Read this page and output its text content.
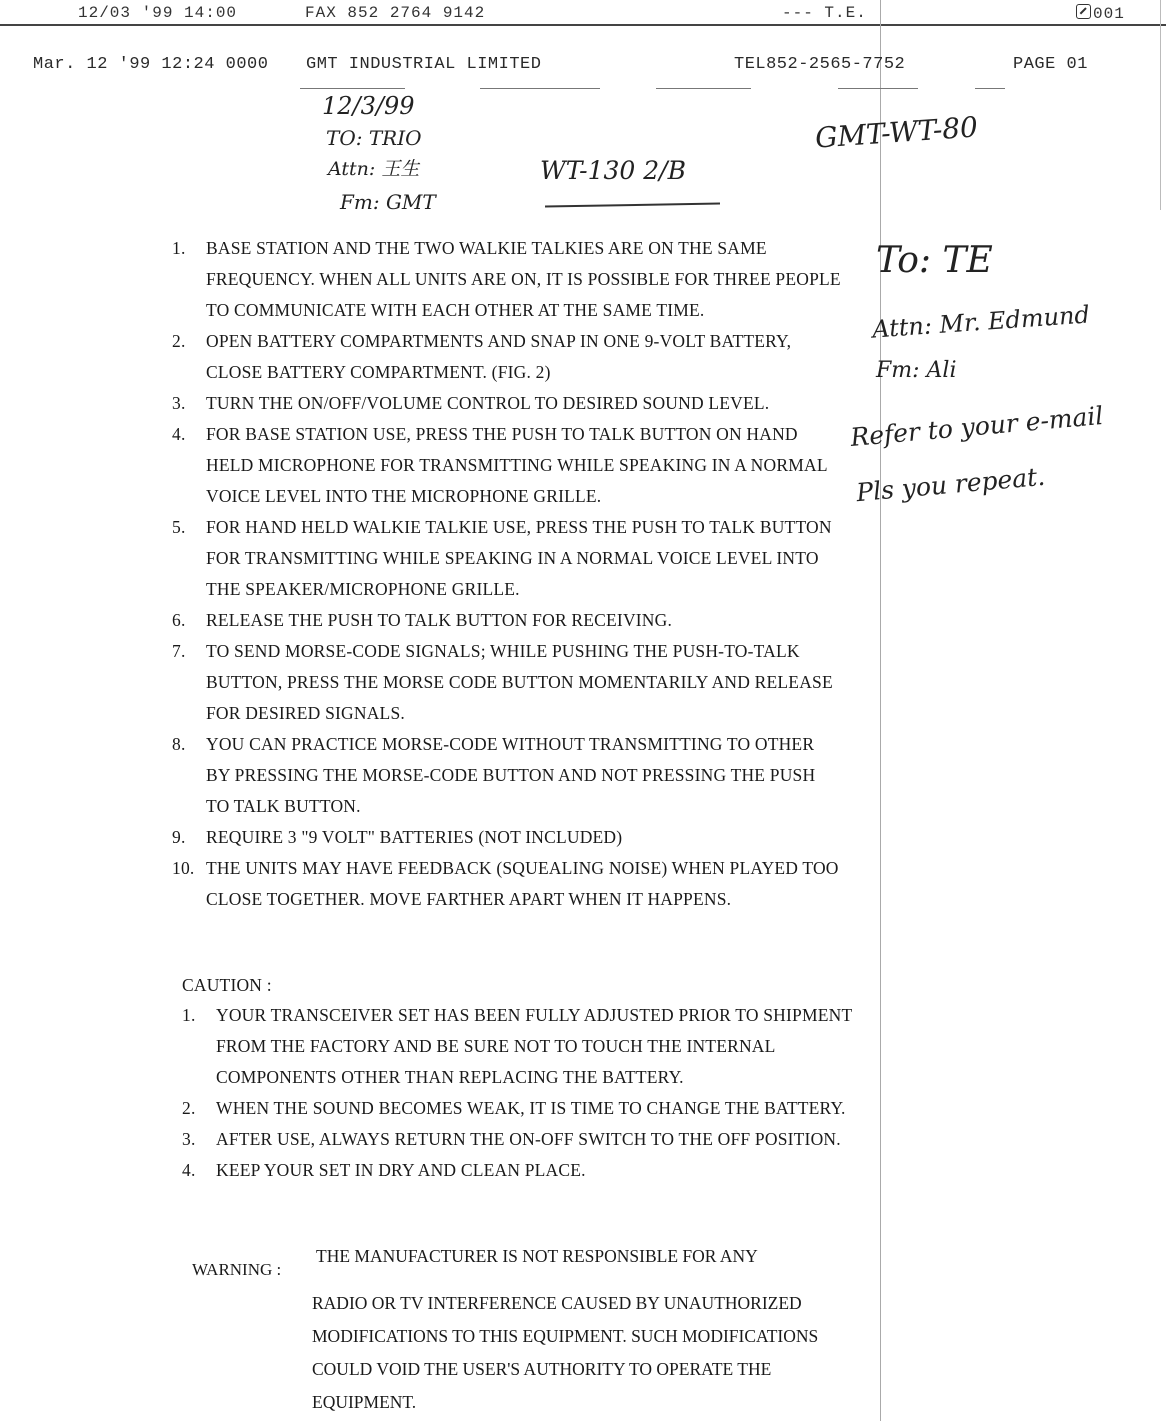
12/03 '99 14:00	FAX 852 2764 9142	--- T.E.	001
Mar. 12 '99 12:24 0000 GMT INDUSTRIAL LIMITED	TEL852-2565-7752	PAGE 01
12/3/99
TO: TRIO
Attn: 王生
Fm: GMT
WT-130 2/B
GMT-WT-80
To: TE
Attn: Mr. Edmund
Fm: Ali
Refer to your e-mail
Pls you repeat.
1. BASE STATION AND THE TWO WALKIE TALKIES ARE ON THE SAME FREQUENCY. WHEN ALL UNITS ARE ON, IT IS POSSIBLE FOR THREE PEOPLE TO COMMUNICATE WITH EACH OTHER AT THE SAME TIME.
2. OPEN BATTERY COMPARTMENTS AND SNAP IN ONE 9-VOLT BATTERY, CLOSE BATTERY COMPARTMENT. (FIG. 2)
3. TURN THE ON/OFF/VOLUME CONTROL TO DESIRED SOUND LEVEL.
4. FOR BASE STATION USE, PRESS THE PUSH TO TALK BUTTON ON HAND HELD MICROPHONE FOR TRANSMITTING WHILE SPEAKING IN A NORMAL VOICE LEVEL INTO THE MICROPHONE GRILLE.
5. FOR HAND HELD WALKIE TALKIE USE, PRESS THE PUSH TO TALK BUTTON FOR TRANSMITTING WHILE SPEAKING IN A NORMAL VOICE LEVEL INTO THE SPEAKER/MICROPHONE GRILLE.
6. RELEASE THE PUSH TO TALK BUTTON FOR RECEIVING.
7. TO SEND MORSE-CODE SIGNALS; WHILE PUSHING THE PUSH-TO-TALK BUTTON, PRESS THE MORSE CODE BUTTON MOMENTARILY AND RELEASE FOR DESIRED SIGNALS.
8. YOU CAN PRACTICE MORSE-CODE WITHOUT TRANSMITTING TO OTHER BY PRESSING THE MORSE-CODE BUTTON AND NOT PRESSING THE PUSH TO TALK BUTTON.
9. REQUIRE 3 "9 VOLT" BATTERIES (NOT INCLUDED)
10. THE UNITS MAY HAVE FEEDBACK (SQUEALING NOISE) WHEN PLAYED TOO CLOSE TOGETHER. MOVE FARTHER APART WHEN IT HAPPENS.
CAUTION :
1. YOUR TRANSCEIVER SET HAS BEEN FULLY ADJUSTED PRIOR TO SHIPMENT FROM THE FACTORY AND BE SURE NOT TO TOUCH THE INTERNAL COMPONENTS OTHER THAN REPLACING THE BATTERY.
2. WHEN THE SOUND BECOMES WEAK, IT IS TIME TO CHANGE THE BATTERY.
3. AFTER USE, ALWAYS RETURN THE ON-OFF SWITCH TO THE OFF POSITION.
4. KEEP YOUR SET IN DRY AND CLEAN PLACE.
WARNING :
THE MANUFACTURER IS NOT RESPONSIBLE FOR ANY
RADIO OR TV INTERFERENCE CAUSED BY UNAUTHORIZED MODIFICATIONS TO THIS EQUIPMENT. SUCH MODIFICATIONS COULD VOID THE USER'S AUTHORITY TO OPERATE THE EQUIPMENT.
